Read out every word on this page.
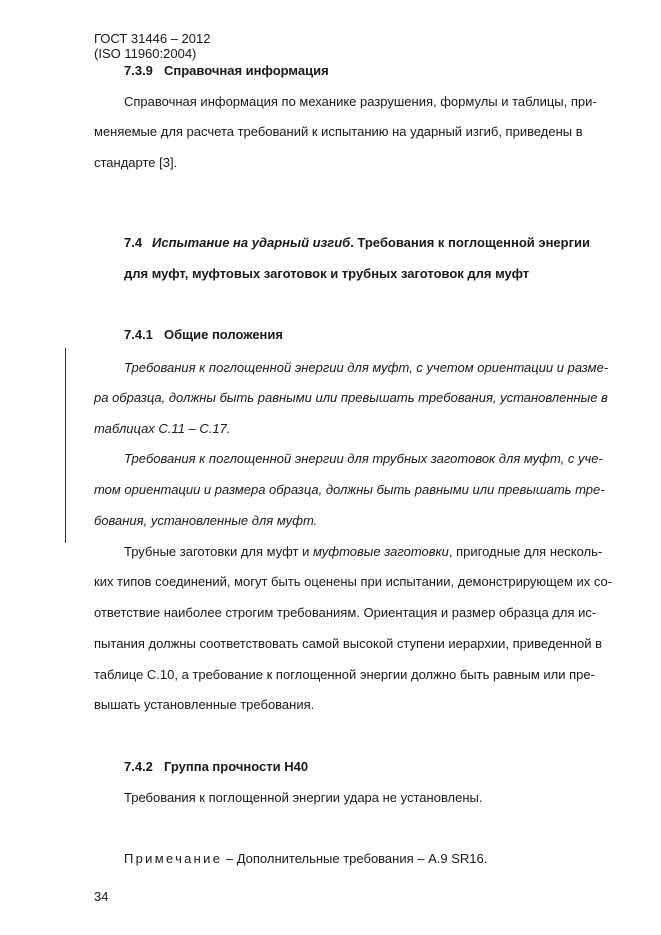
ГОСТ 31446 – 2012
(ISO 11960:2004)
7.3.9 Справочная информация
Справочная информация по механике разрушения, формулы и таблицы, при-
меняемые для расчета требований к испытанию на ударный изгиб, приведены в
стандарте [3].
7.4 Испытание на ударный изгиб. Требования к поглощенной энергии
для муфт, муфтовых заготовок и трубных заготовок для муфт
7.4.1 Общие положения
Требования к поглощенной энергии для муфт, с учетом ориентации и разме-
ра образца, должны быть равными или превышать требования, установленные в
таблицах С.11 – С.17.
Требования к поглощенной энергии для трубных заготовок для муфт, с уче-
том ориентации и размера образца, должны быть равными или превышать тре-
бования, установленные для муфт.
Трубные заготовки для муфт и муфтовые заготовки, пригодные для несколь-
ких типов соединений, могут быть оценены при испытании, демонстрирующем их со-
ответствие наиболее строгим требованиям. Ориентация и размер образца для ис-
пытания должны соответствовать самой высокой ступени иерархии, приведенной в
таблице С.10, а требование к поглощенной энергии должно быть равным или пре-
вышать установленные требования.
7.4.2 Группа прочности Н40
Требования к поглощенной энергии удара не установлены.
Примечание – Дополнительные требования – А.9 SR16.
34
